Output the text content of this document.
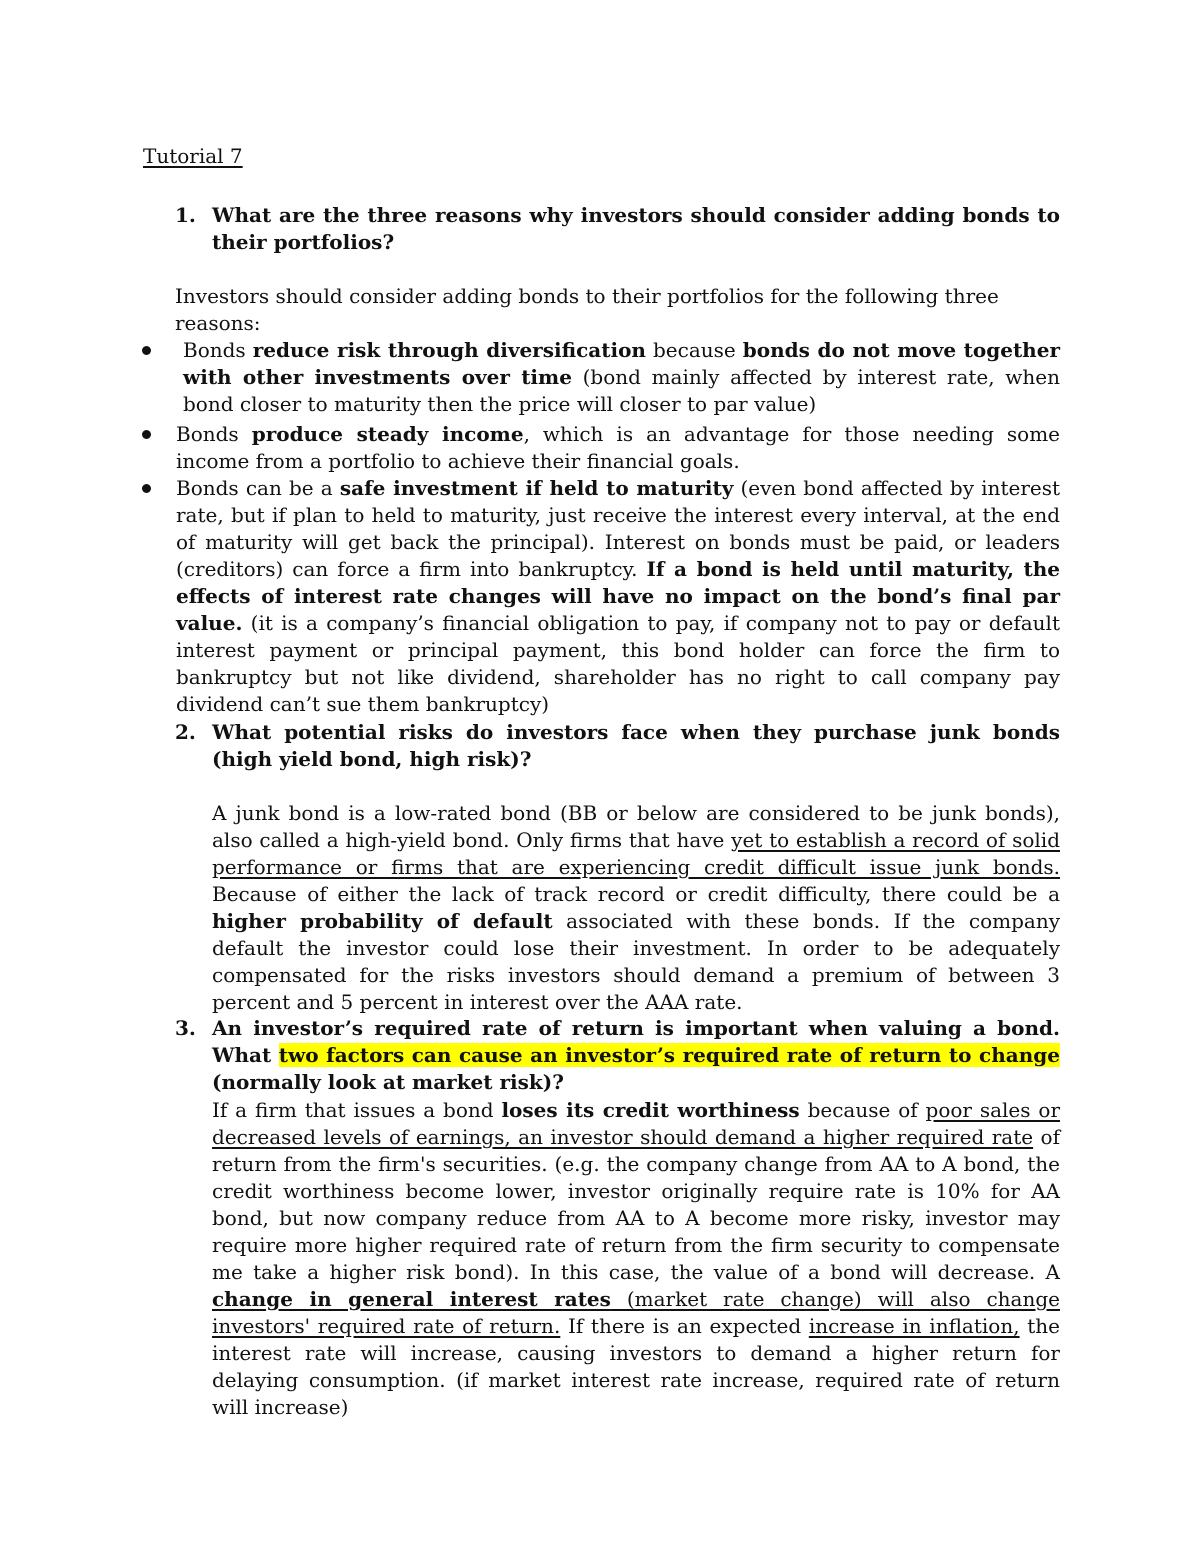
Tutorial 7
1. What are the three reasons why investors should consider adding bonds to their portfolios?
Investors should consider adding bonds to their portfolios for the following three reasons:
Bonds reduce risk through diversification because bonds do not move together with other investments over time (bond mainly affected by interest rate, when bond closer to maturity then the price will closer to par value)
Bonds produce steady income, which is an advantage for those needing some income from a portfolio to achieve their financial goals.
Bonds can be a safe investment if held to maturity (even bond affected by interest rate, but if plan to held to maturity, just receive the interest every interval, at the end of maturity will get back the principal). Interest on bonds must be paid, or leaders (creditors) can force a firm into bankruptcy. If a bond is held until maturity, the effects of interest rate changes will have no impact on the bond’s final par value. (it is a company’s financial obligation to pay, if company not to pay or default interest payment or principal payment, this bond holder can force the firm to bankruptcy but not like dividend, shareholder has no right to call company pay dividend can’t sue them bankruptcy)
2. What potential risks do investors face when they purchase junk bonds (high yield bond, high risk)?
A junk bond is a low-rated bond (BB or below are considered to be junk bonds), also called a high-yield bond. Only firms that have yet to establish a record of solid performance or firms that are experiencing credit difficult issue junk bonds. Because of either the lack of track record or credit difficulty, there could be a higher probability of default associated with these bonds. If the company default the investor could lose their investment. In order to be adequately compensated for the risks investors should demand a premium of between 3 percent and 5 percent in interest over the AAA rate.
3. An investor’s required rate of return is important when valuing a bond. What two factors can cause an investor’s required rate of return to change (normally look at market risk)?
If a firm that issues a bond loses its credit worthiness because of poor sales or decreased levels of earnings, an investor should demand a higher required rate of return from the firm's securities. (e.g. the company change from AA to A bond, the credit worthiness become lower, investor originally require rate is 10% for AA bond, but now company reduce from AA to A become more risky, investor may require more higher required rate of return from the firm security to compensate me take a higher risk bond). In this case, the value of a bond will decrease. A change in general interest rates (market rate change) will also change investors' required rate of return. If there is an expected increase in inflation, the interest rate will increase, causing investors to demand a higher return for delaying consumption. (if market interest rate increase, required rate of return will increase)
